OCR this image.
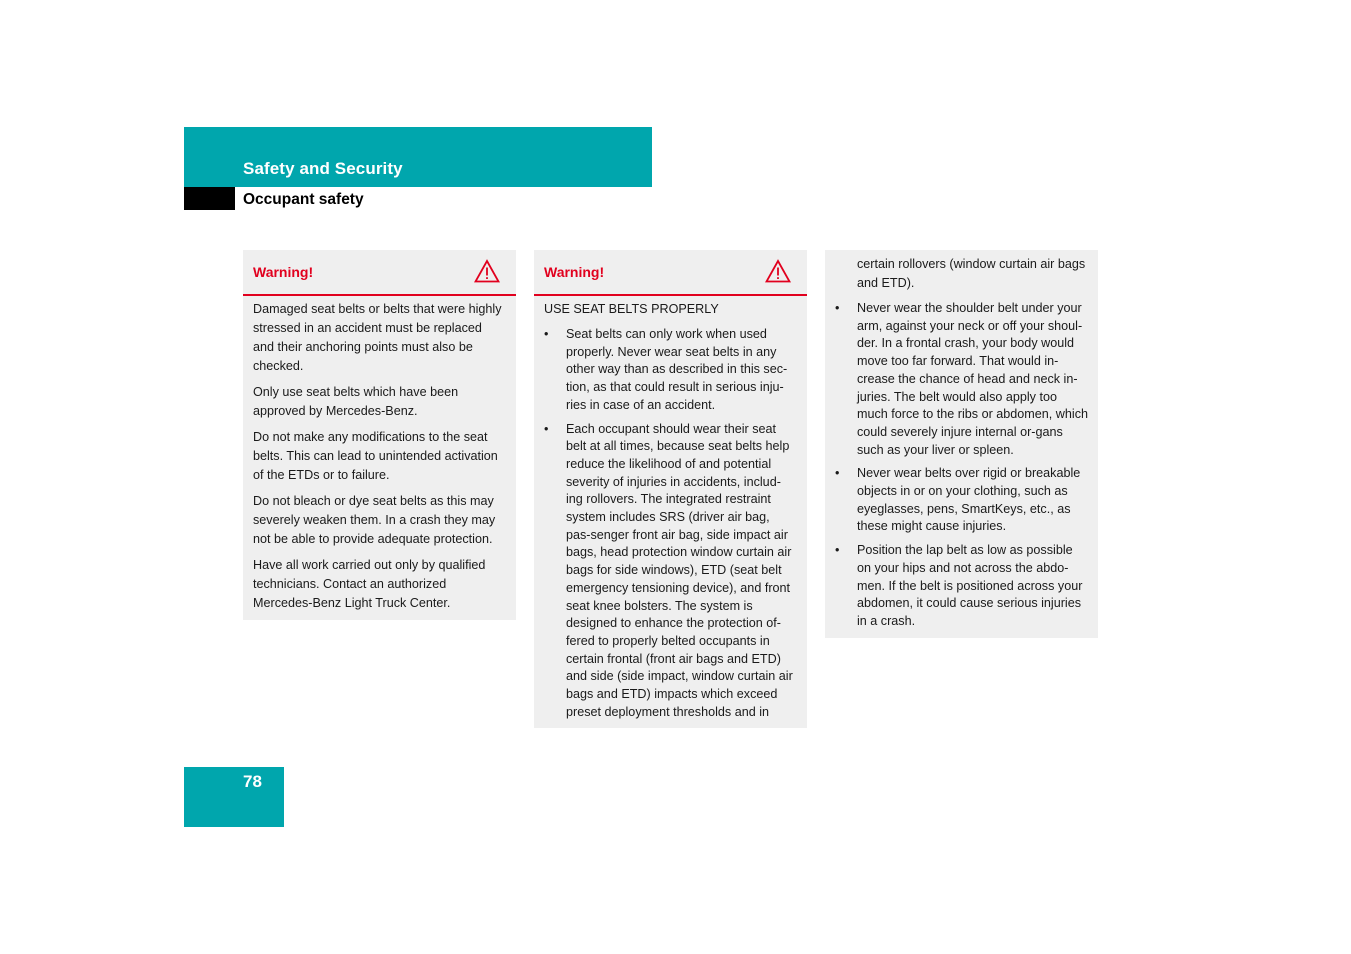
Safety and Security
Occupant safety
Warning!

Damaged seat belts or belts that were highly stressed in an accident must be replaced and their anchoring points must also be checked.

Only use seat belts which have been approved by Mercedes-Benz.

Do not make any modifications to the seat belts. This can lead to unintended activation of the ETDs or to failure.

Do not bleach or dye seat belts as this may severely weaken them. In a crash they may not be able to provide adequate protection.

Have all work carried out only by qualified technicians. Contact an authorized Mercedes-Benz Light Truck Center.

Warning!

USE SEAT BELTS PROPERLY

• Seat belts can only work when used properly. Never wear seat belts in any other way than as described in this sec-tion, as that could result in serious inju-ries in case of an accident.
• Each occupant should wear their seat belt at all times, because seat belts help reduce the likelihood of and potential severity of injuries in accidents, includ-ing rollovers. The integrated restraint system includes SRS (driver air bag, pas-senger front air bag, side impact air bags, head protection window curtain air bags for side windows), ETD (seat belt emergency tensioning device), and front seat knee bolsters. The system is designed to enhance the protection of-fered to properly belted occupants in certain frontal (front air bags and ETD) and side (side impact, window curtain air bags and ETD) impacts which exceed preset deployment thresholds and in
certain rollovers (window curtain air bags and ETD).
• Never wear the shoulder belt under your arm, against your neck or off your shoul-der. In a frontal crash, your body would move too far forward. That would in-crease the chance of head and neck in-juries. The belt would also apply too much force to the ribs or abdomen, which could severely injure internal or-gans such as your liver or spleen.
• Never wear belts over rigid or breakable objects in or on your clothing, such as eyeglasses, pens, SmartKeys, etc., as these might cause injuries.
• Position the lap belt as low as possible on your hips and not across the abdo-men. If the belt is positioned across your abdomen, it could cause serious injuries in a crash.
78
